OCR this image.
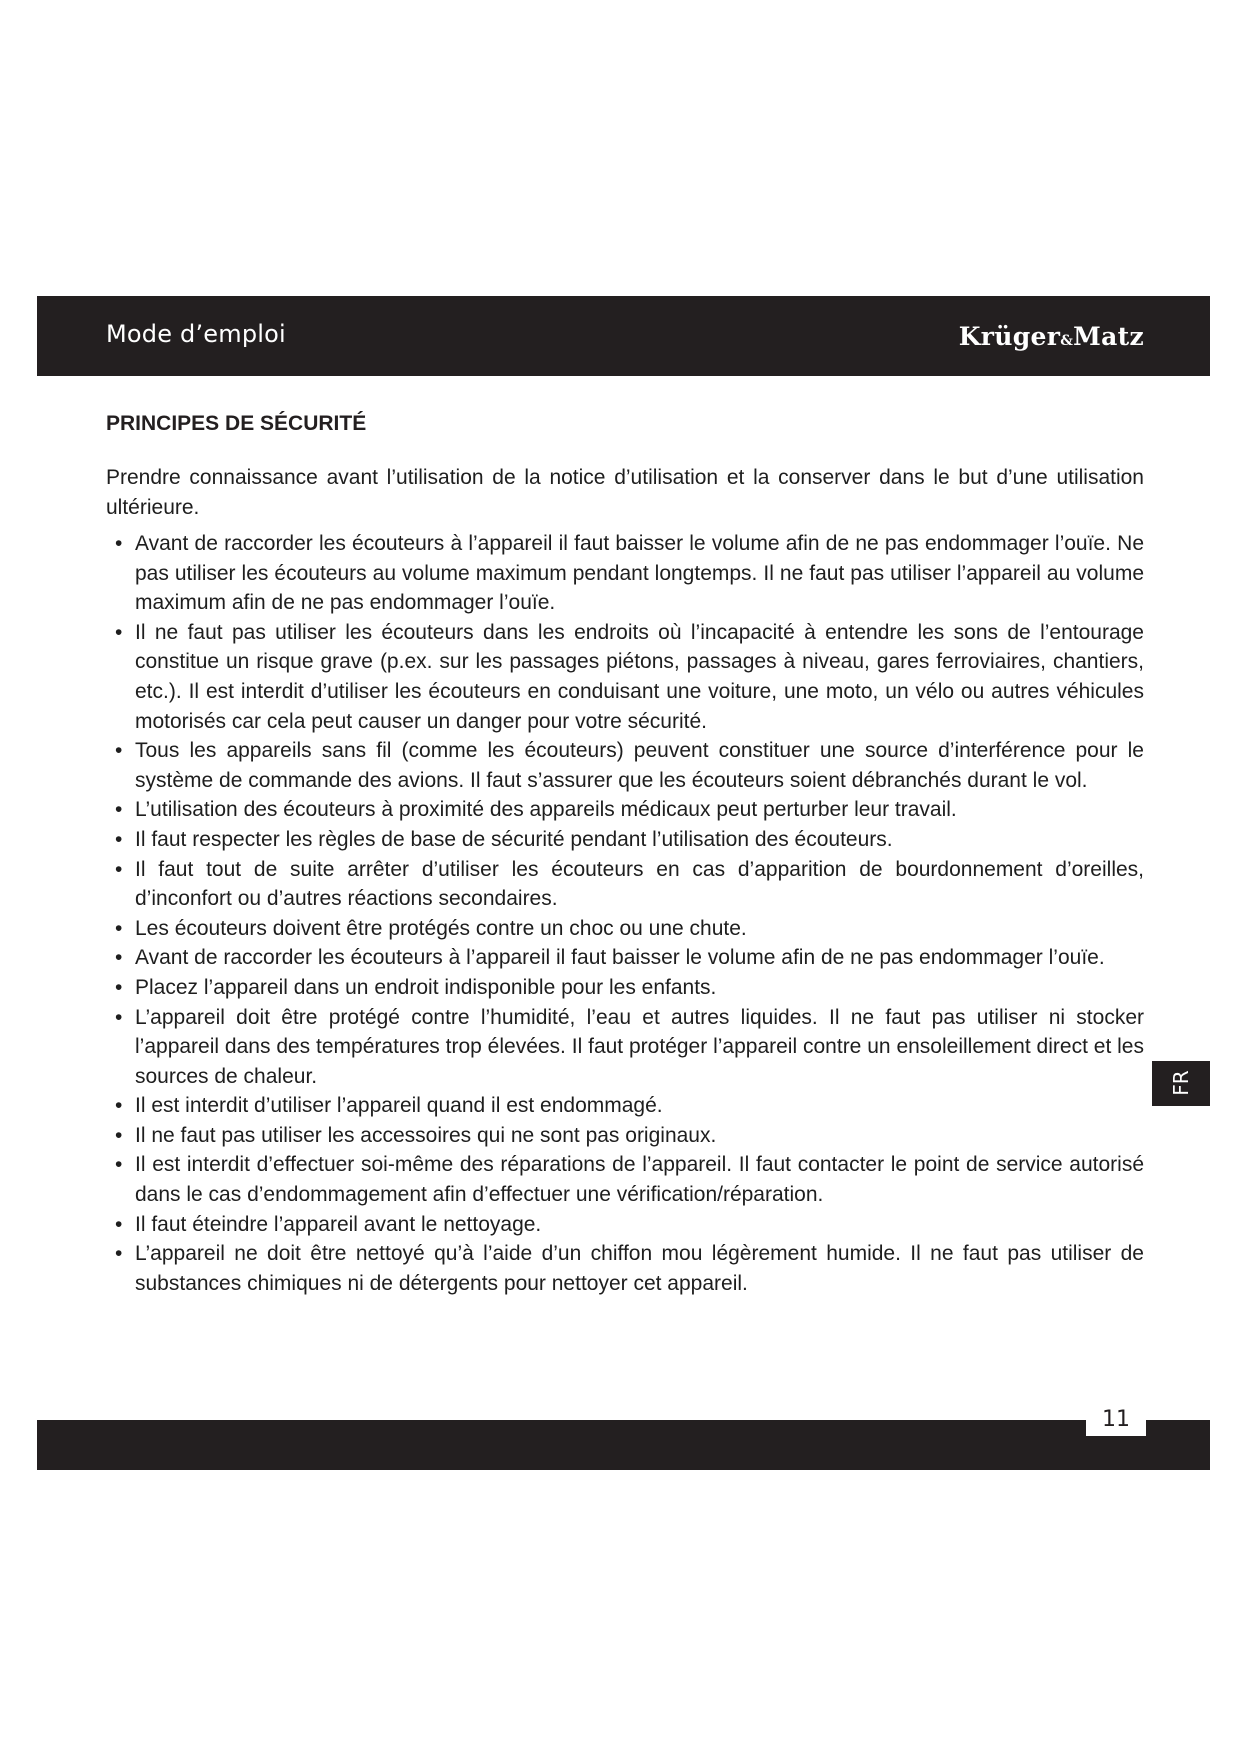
Mode d’emploi	Krüger&Matz
PRINCIPES DE SÉCURITÉ

Prendre connaissance avant l’utilisation de la notice d’utilisation et la conserver dans le but d’une utilisation ultérieure.

• Avant de raccorder les écouteurs à l’appareil il faut baisser le volume afin de ne pas endommager l’ouïe. Ne pas utiliser les écouteurs au volume maximum pendant longtemps. Il ne faut pas utiliser l’appareil au volume maximum afin de ne pas endommager l’ouïe.
• Il ne faut pas utiliser les écouteurs dans les endroits où l’incapacité à entendre les sons de l’entourage constitue un risque grave (p.ex. sur les passages piétons, passages à niveau, gares ferroviaires, chantiers, etc.). Il est interdit d’utiliser les écouteurs en conduisant une voiture, une moto, un vélo ou autres véhicules motorisés car cela peut causer un danger pour votre sécurité.
• Tous les appareils sans fil (comme les écouteurs) peuvent constituer une source d’interférence pour le système de commande des avions. Il faut s’assurer que les écouteurs soient débranchés durant le vol.
• L’utilisation des écouteurs à proximité des appareils médicaux peut perturber leur travail.
• Il faut respecter les règles de base de sécurité pendant l’utilisation des écouteurs.
• Il faut tout de suite arrêter d’utiliser les écouteurs en cas d’apparition de bourdonnement d’oreilles, d’inconfort ou d’autres réactions secondaires.
• Les écouteurs doivent être protégés contre un choc ou une chute.
• Avant de raccorder les écouteurs à l’appareil il faut baisser le volume afin de ne pas endommager l’ouïe.
• Placez l’appareil dans un endroit indisponible pour les enfants.
• L’appareil doit être protégé contre l’humidité, l’eau et autres liquides. Il ne faut pas utiliser ni stocker l’appareil dans des températures trop élevées. Il faut protéger l’appareil contre un ensoleillement direct et les sources de chaleur.
• Il est interdit d’utiliser l’appareil quand il est endommagé.
• Il ne faut pas utiliser les accessoires qui ne sont pas originaux.
• Il est interdit d’effectuer soi-même des réparations de l’appareil. Il faut contacter le point de service autorisé dans le cas d’endommagement afin d’effectuer une vérification/réparation.
• Il faut éteindre l’appareil avant le nettoyage.
• L’appareil ne doit être nettoyé qu’à l’aide d’un chiffon mou légèrement humide. Il ne faut pas utiliser de substances chimiques ni de détergents pour nettoyer cet appareil.
FR
11
